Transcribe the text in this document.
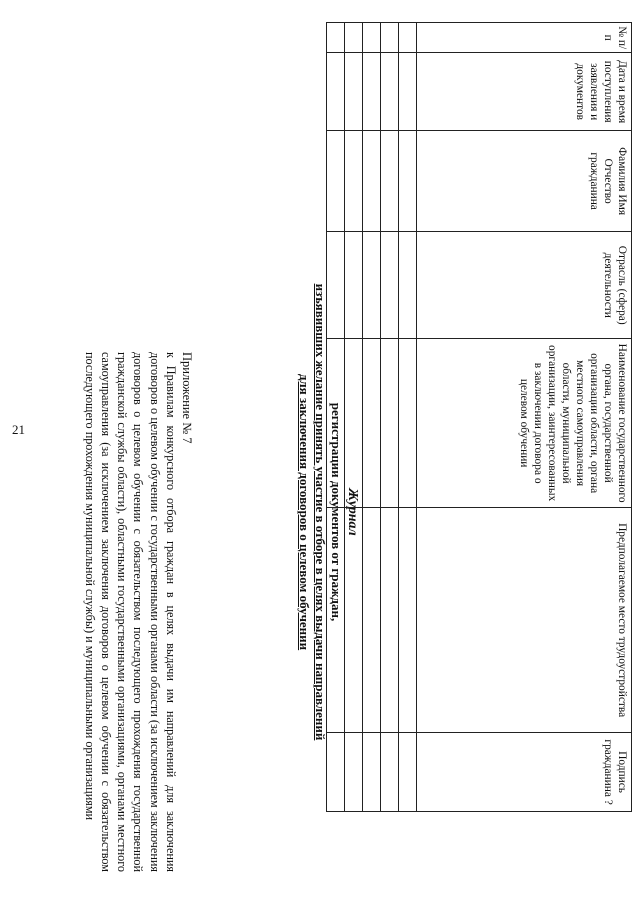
21	Приложение № 7
к Правилам конкурсного отбора граждан в целях выдачи им направлений для заключения договоров о целевом обучении с государственными органами области (за исключением заключения договоров о целевом обучении с обязательством последующего прохождения государственной гражданской службы области), областными государственными организациями, органами местного самоуправления (за исключением заключения договоров о целевом обучении с обязательством последующего прохождения муниципальной службы) и муниципальными организациями	Журнал
регистрации документов от граждан,
изъявивших желание принять участие в отборе в целях выдачи направлений
для заключения договоров о целевом обучении
№ п/п	Дата и время поступления заявления и документов	Фамилия Имя Отчество гражданина	Отрасль (сфера) деятельности	Наименование государственного органа, государственной организации области, органа местного самоуправления области, муниципальной организации, заинтересованных в заключении договора о целевом обучении	Предполагаемое место трудоустройства	Подпись гражданина ?
